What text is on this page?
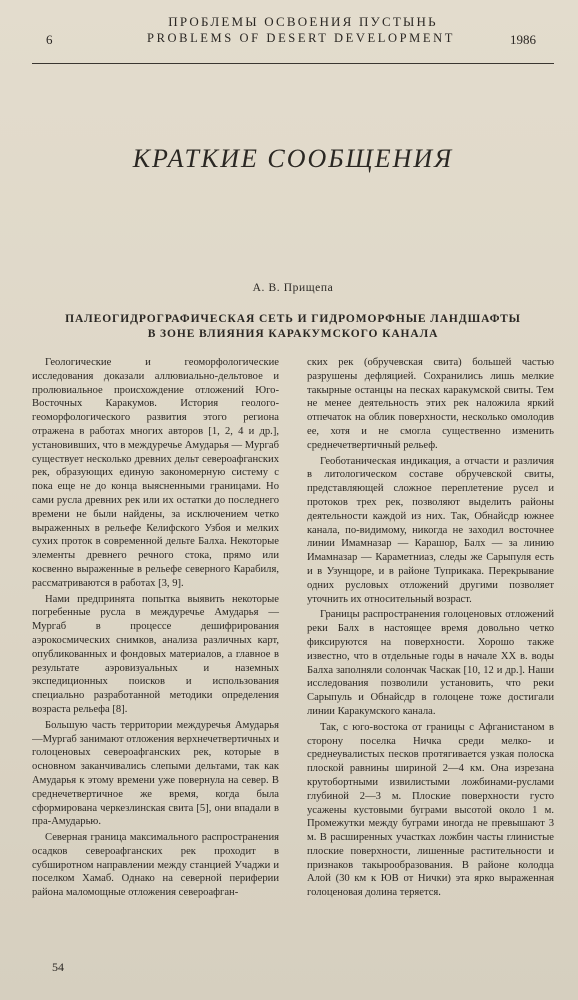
ПРОБЛЕМЫ ОСВОЕНИЯ ПУСТЫНЬ
PROBLEMS OF DESERT DEVELOPMENT
6	1986
КРАТКИЕ СООБЩЕНИЯ
А. В. Прищепа
ПАЛЕОГИДРОГРАФИЧЕСКАЯ СЕТЬ И ГИДРОМОРФНЫЕ ЛАНДШАФТЫ В ЗОНЕ ВЛИЯНИЯ КАРАКУМСКОГО КАНАЛА

Геологические и геоморфологические исследования доказали аллювиально-дельтовое и пролювиальное происхождение отложений Юго-Восточных Каракумов. История геолого-геоморфологического развития этого региона отражена в работах многих авторов [1, 2, 4 и др.], установивших, что в междуречье Амударья — Мургаб существует несколько древних дельт североафганских рек, образующих единую закономерную систему с пока еще не до конца выясненными границами. Но сами русла древних рек или их остатки до последнего времени не были найдены, за исключением четко выраженных в рельефе Келифского Узбоя и мелких сухих проток в современной дельте Балха. Некоторые элементы древнего речного стока, прямо или косвенно выраженные в рельефе северного Карабиля, рассматриваются в работах [3, 9].

Нами предпринята попытка выявить некоторые погребенные русла в междуречье Амударья — Мургаб в процессе дешифрирования аэрокосмических снимков, анализа различных карт, опубликованных и фондовых материалов, а главное в результате аэровизуальных и наземных экспедиционных поисков и использования специально разработанной методики определения возраста рельефа [8].

Большую часть территории междуречья Амударья—Мургаб занимают отложения верхнечетвертичных и голоценовых североафганских рек, которые в основном заканчивались слепыми дельтами, так как Амударья к этому времени уже повернула на север. В среднечетвертичное же время, когда была сформирована черкезлинская свита [5], они впадали в пра-Амударью.

Северная граница максимального распространения осадков североафганских рек проходит в субширотном направлении между станцией Учаджи и поселком Хамаб. Однако на северной периферии района маломощные отложения североафган-

ских рек (обручевская свита) большей частью разрушены дефляцией. Сохранились лишь мелкие такырные останцы на песках каракумской свиты. Тем не менее деятельность этих рек наложила яркий отпечаток на облик поверхности, несколько омолодив ее, хотя и не смогла существенно изменить среднечетвертичный рельеф.

Геоботаническая индикация, а отчасти и различия в литологическом составе обручевской свиты, представляющей сложное переплетение русел и протоков трех рек, позволяют выделить районы деятельности каждой из них. Так, Обнайсдр южнее канала, по-видимому, никогда не заходил восточнее линии Имамназар — Карашор, Балх — за линию Имамназар — Караметниаз, следы же Сарыпуля есть и в Узунщоре, и в районе Туприкака. Перекрывание одних русловых отложений другими позволяет уточнить их относительный возраст.

Границы распространения голоценовых отложений реки Балх в настоящее время довольно четко фиксируются на поверхности. Хорошо также известно, что в отдельные годы в начале XX в. воды Балха заполняли солончак Часкак [10, 12 и др.]. Наши исследования позволили установить, что реки Сарыпуль и Обнайсдр в голоцене тоже достигали линии Каракумского канала.

Так, с юго-востока от границы с Афганистаном в сторону поселка Ничка среди мелко- и среднеувалистых песков протягивается узкая полоска плоской равнины шириной 2—4 км. Она изрезана крутобортными извилистыми ложбинами-руслами глубиной 2—3 м. Плоские поверхности густо усажены кустовыми буграми высотой около 1 м. Промежутки между буграми иногда не превышают 3 м. В расширенных участках ложбин часты глинистые плоские поверхности, лишенные растительности и признаков такырообразования. В районе колодца Алой (30 км к ЮВ от Нички) эта ярко выраженная голоценовая долина теряется.

54
